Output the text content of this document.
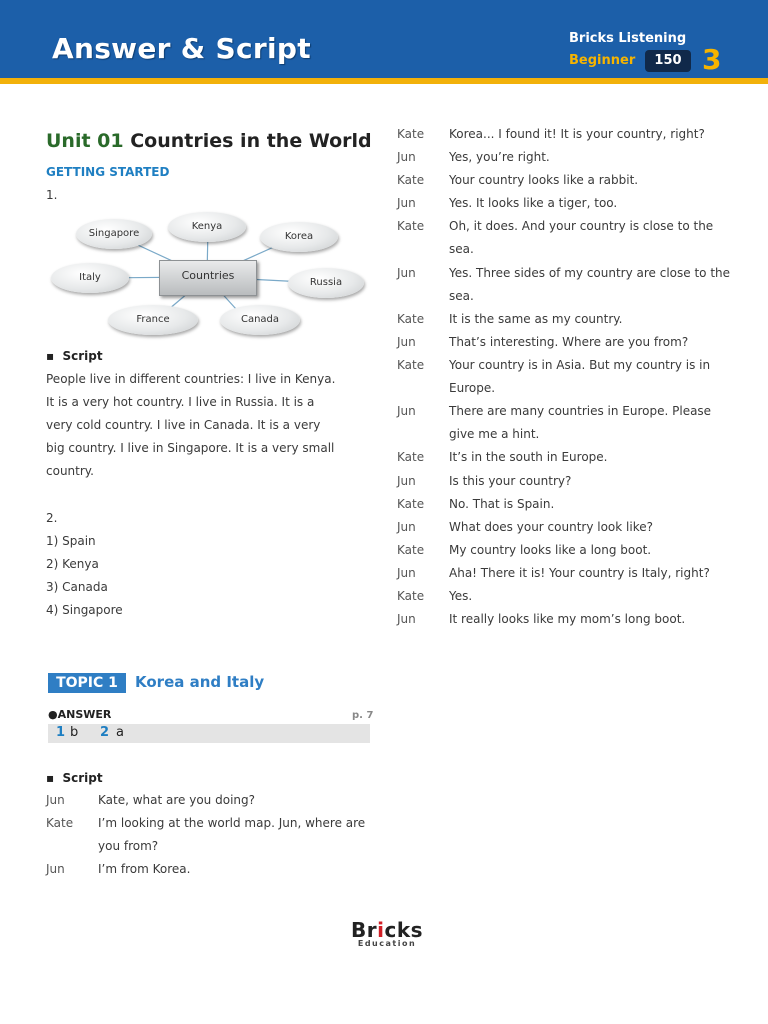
Answer & Script	Bricks Listening
Beginner	150 3
Unit 01 Countries in the World
GETTING STARTED
1.
Singapore
Kenya
Korea
Italy	Russia
France	Canada
Countries
▪  Script
People live in different countries: I live in Kenya.
It is a very hot country. I live in Russia. It is a
very cold country. I live in Canada. It is a very
big country. I live in Singapore. It is a very small
country.
2.
1) Spain
2) Kenya
3) Canada
4) Singapore
TOPIC 1	Korea and Italy
●ANSWER	p. 7
1 b 2 a
▪  Script
Jun	Kate, what are you doing?
Kate I’m looking at the world map. Jun, where are
you from?
Jun	I’m from Korea.
Kate Korea... I found it! It is your country, right?
Jun	Yes, you’re right.
Kate Your country looks like a rabbit.
Jun	Yes. It looks like a tiger, too.
Kate Oh, it does. And your country is close to the
sea.
Jun	Yes. Three sides of my country are close to the
sea.
Kate It is the same as my country.
Jun	That’s interesting. Where are you from?
Kate Your country is in Asia. But my country is in
Europe.
Jun	There are many countries in Europe. Please
give me a hint.
Kate It’s in the south in Europe.
Jun	Is this your country?
Kate No. That is Spain.
Jun	What does your country look like?
Kate My country looks like a long boot.
Jun	Aha! There it is! Your country is Italy, right?
Kate Yes.
Jun	It really looks like my mom’s long boot.
Bricks
Education
